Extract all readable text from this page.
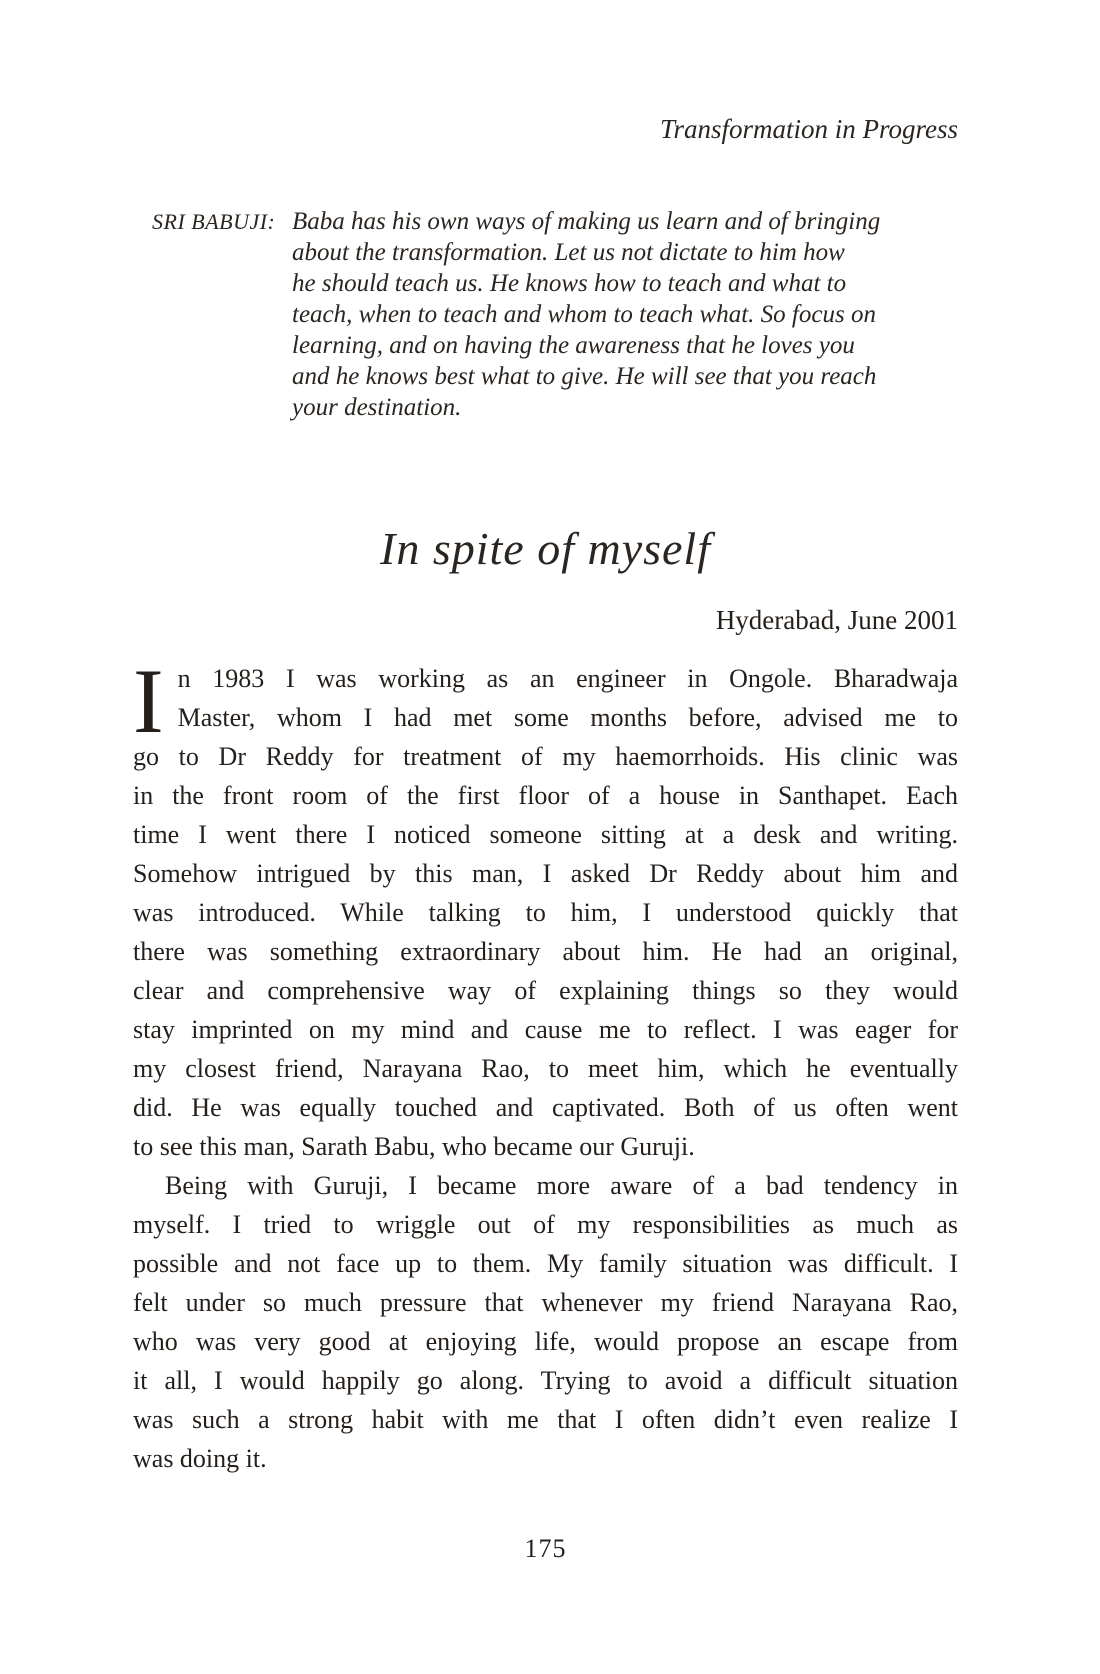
Transformation in Progress
SRI BABUJI: Baba has his own ways of making us learn and of bringing
about the transformation. Let us not dictate to him how
he should teach us. He knows how to teach and what to
teach, when to teach and whom to teach what. So focus on
learning, and on having the awareness that he loves you
and he knows best what to give. He will see that you reach
your destination.
In spite of myself
Hyderabad, June 2001
I n 1983 I was working as an engineer in Ongole. Bharadwaja
Master, whom I had met some months before, advised me to
go to Dr Reddy for treatment of my haemorrhoids. His clinic was
in the front room of the first floor of a house in Santhapet. Each
time I went there I noticed someone sitting at a desk and writing.
Somehow intrigued by this man, I asked Dr Reddy about him and
was introduced. While talking to him, I understood quickly that
there was something extraordinary about him. He had an original,
clear and comprehensive way of explaining things so they would
stay imprinted on my mind and cause me to reflect. I was eager for
my closest friend, Narayana Rao, to meet him, which he eventually
did. He was equally touched and captivated. Both of us often went
to see this man, Sarath Babu, who became our Guruji.
Being with Guruji, I became more aware of a bad tendency in
myself. I tried to wriggle out of my responsibilities as much as
possible and not face up to them. My family situation was difficult. I
felt under so much pressure that whenever my friend Narayana Rao,
who was very good at enjoying life, would propose an escape from
it all, I would happily go along. Trying to avoid a difficult situation
was such a strong habit with me that I often didn’t even realize I
was doing it.
175
